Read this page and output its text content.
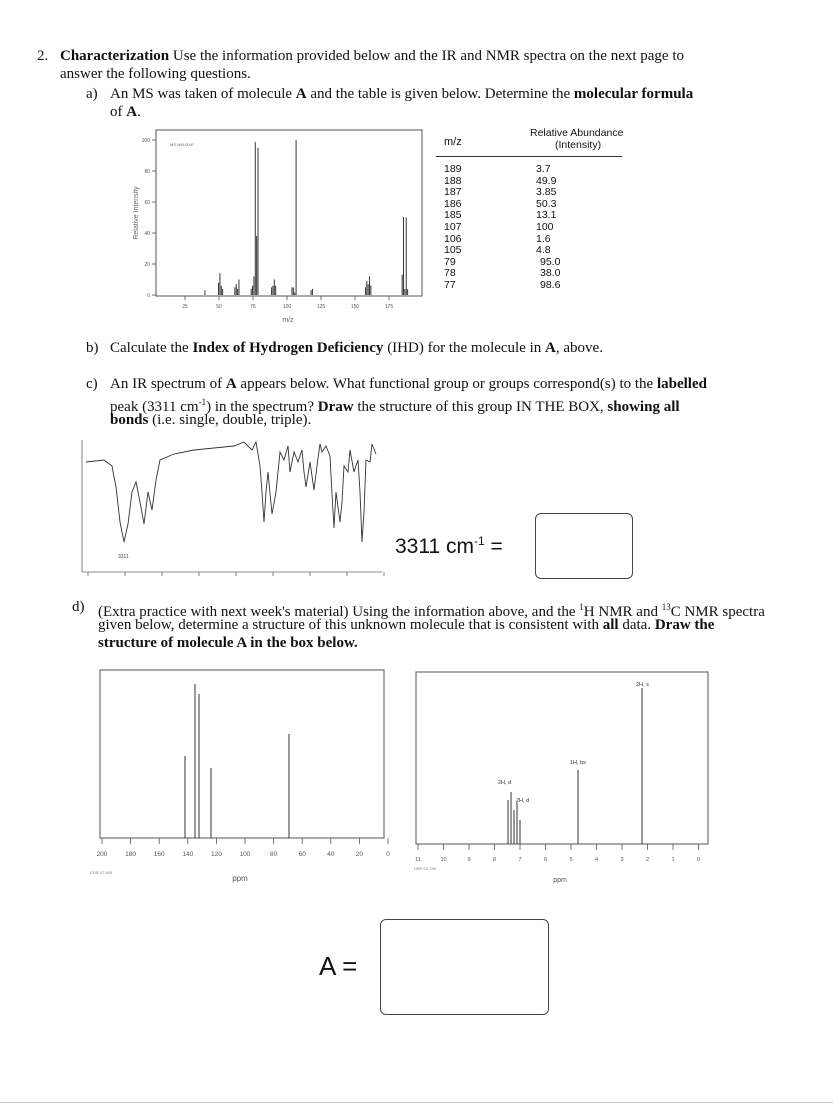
2. Characterization Use the information provided below and the IR and NMR spectra on the next page to
answer the following questions.
a) An MS was taken of molecule A and the table is given below. Determine the molecular formula
of A.
100
80
60
40
20
0
25	50	75	100	125	150	175
Relative Intensity
MS-NW-0047
m/z
m/z
Relative Abundance
(Intensity)
189	3.7
188	49.9
187	3.85
186	50.3
185	13.1
107	100
106	1.6
105	4.8
79	95.0
78	38.0
77	98.6
b) Calculate the Index of Hydrogen Deficiency (IHD) for the molecule in A, above.
c) An IR spectrum of A appears below. What functional group or groups correspond(s) to the labelled
peak (3311 $cm^{-1}$) in the spectrum? Draw the structure of this group IN THE BOX, showing all
bonds (i.e. single, double, triple).
3311	3311 $cm^{-1}$ =
d) (Extra practice with next week's material) Using the information above, and the $^1$H NMR and $^{13}$C NMR spectra
given below, determine a structure of this unknown molecule that is consistent with all data. Draw the
structure of molecule A in the box below.
200	180	160	140	120	100	80	60	40	20	0
ppm
CDS-07-915
2H, s
1H, bs
2H, d
2H, d
11	10	9	8	7	6	5	4	3	2	1	0
ppm
HSP-02-740
A =
